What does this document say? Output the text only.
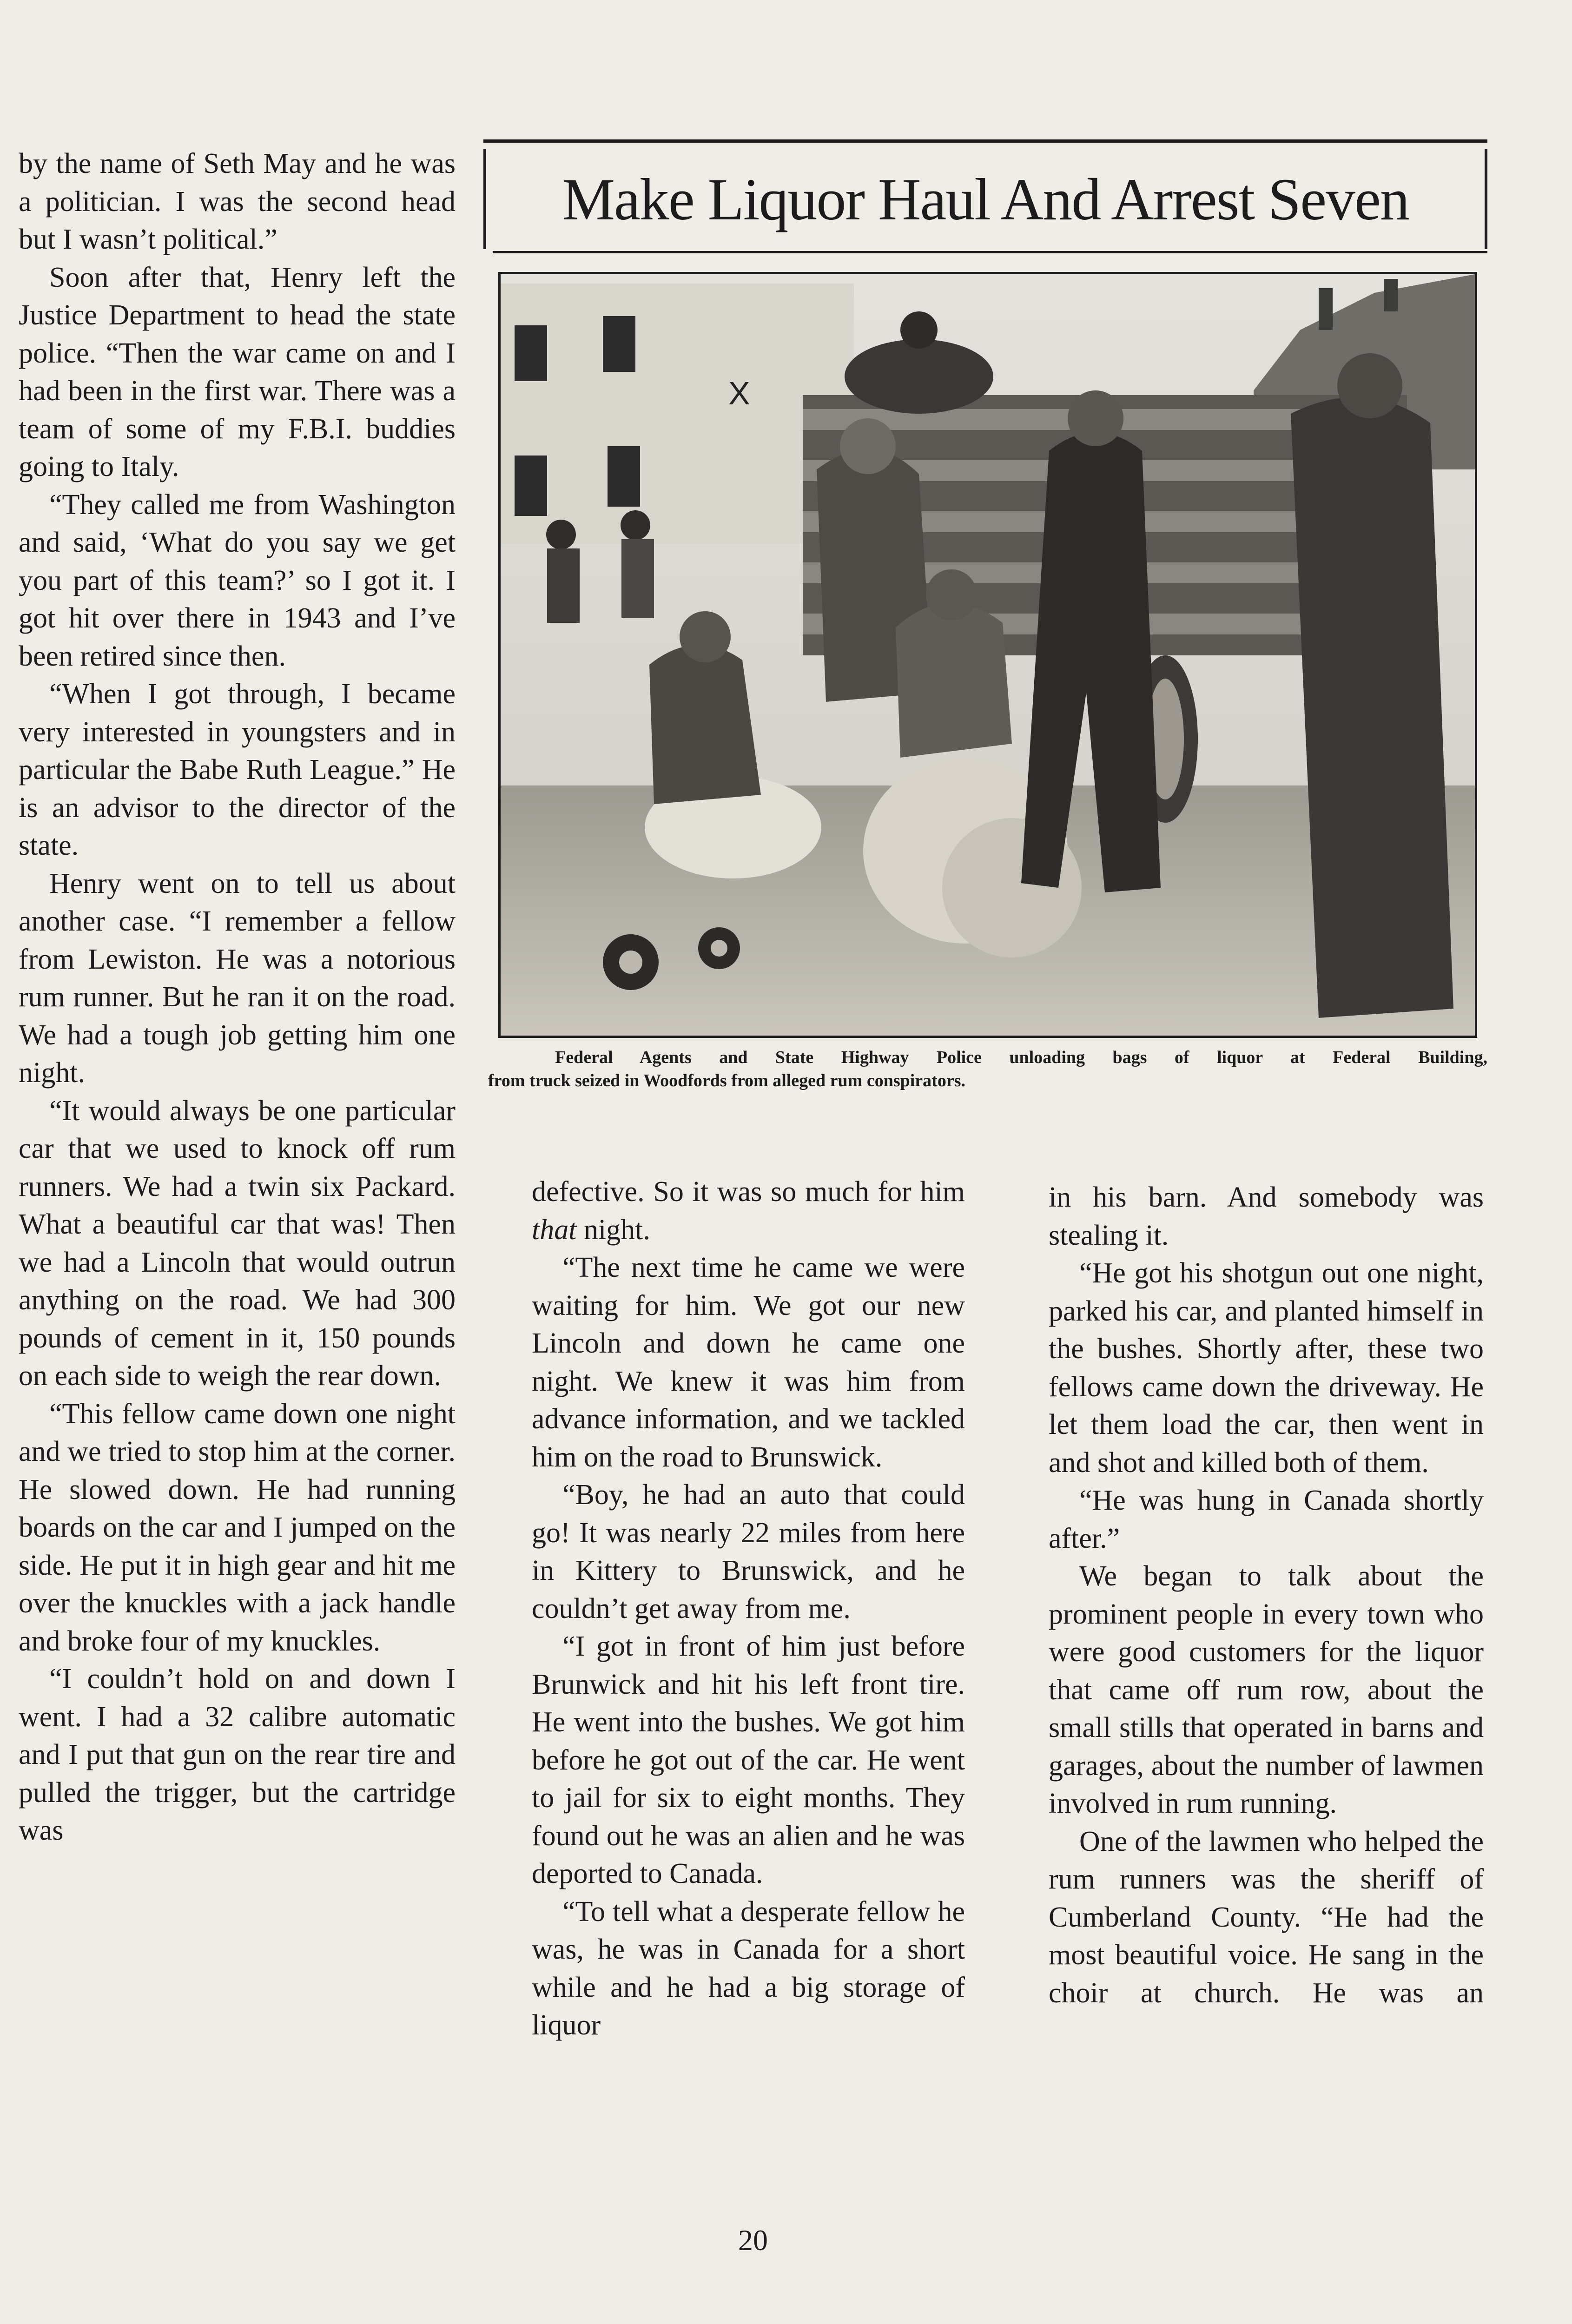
by the name of Seth May and he was a politician. I was the second head but I wasn’t political.”

Soon after that, Henry left the Justice Department to head the state police. “Then the war came on and I had been in the first war. There was a team of some of my F.B.I. buddies going to Italy.

“They called me from Washington and said, ‘What do you say we get you part of this team?’ so I got it. I got hit over there in 1943 and I’ve been retired since then.

“When I got through, I became very interested in youngsters and in particular the Babe Ruth League.” He is an advisor to the director of the state.

Henry went on to tell us about another case. “I remember a fellow from Lewiston. He was a notorious rum runner. But he ran it on the road. We had a tough job getting him one night.

“It would always be one particular car that we used to knock off rum runners. We had a twin six Packard. What a beautiful car that was! Then we had a Lincoln that would outrun anything on the road. We had 300 pounds of cement in it, 150 pounds on each side to weigh the rear down.

“This fellow came down one night and we tried to stop him at the corner. He slowed down. He had running boards on the car and I jumped on the side. He put it in high gear and hit me over the knuckles with a jack handle and broke four of my knuckles.

“I couldn’t hold on and down I went. I had a 32 calibre automatic and I put that gun on the rear tire and pulled the trigger, but the cartridge was

Make Liquor Haul And Arrest Seven
X
Federal Agents and State Highway Police unloading bags of liquor at Federal Building,
from truck seized in Woodfords from alleged rum conspirators.

defective. So it was so much for him that night.

“The next time he came we were waiting for him. We got our new Lincoln and down he came one night. We knew it was him from advance information, and we tackled him on the road to Brunswick.

“Boy, he had an auto that could go! It was nearly 22 miles from here in Kittery to Brunswick, and he couldn’t get away from me.

“I got in front of him just before Brunwick and hit his left front tire. He went into the bushes. We got him before he got out of the car. He went to jail for six to eight months. They found out he was an alien and he was deported to Canada.

“To tell what a desperate fellow he was, he was in Canada for a short while and he had a big storage of liquor

in his barn. And somebody was stealing it.

“He got his shotgun out one night, parked his car, and planted himself in the bushes. Shortly after, these two fellows came down the driveway. He let them load the car, then went in and shot and killed both of them.

“He was hung in Canada shortly after.”

We began to talk about the prominent people in every town who were good customers for the liquor that came off rum row, about the small stills that operated in barns and garages, about the number of lawmen involved in rum running.

One of the lawmen who helped the rum runners was the sheriff of Cumberland County. “He had the most beautiful voice. He sang in the choir at church. He was an

20
